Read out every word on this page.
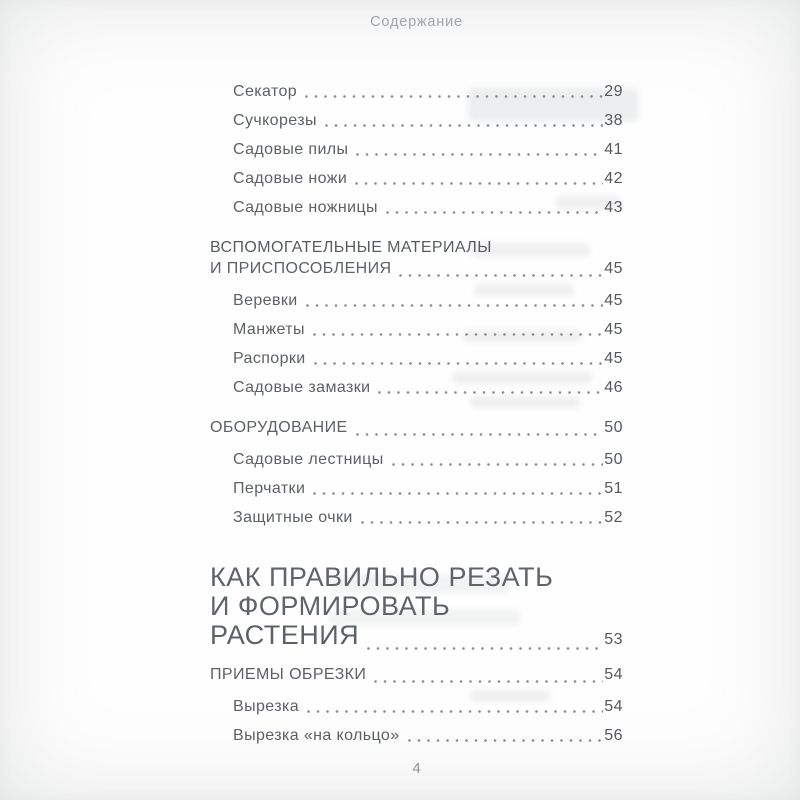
Содержание
Секатор	29
Сучкорезы	38
Садовые пилы	41
Садовые ножи	42
Садовые ножницы	43
ВСПОМОГАТЕЛЬНЫЕ МАТЕРИАЛЫ
И ПРИСПОСОБЛЕНИЯ	45
Веревки	45
Манжеты	45
Распорки	45
Садовые замазки	46
ОБОРУДОВАНИЕ	50
Садовые лестницы	50
Перчатки	51
Защитные очки	52
КАК ПРАВИЛЬНО РЕЗАТЬ
И ФОРМИРОВАТЬ
РАСТЕНИЯ	53
ПРИЕМЫ ОБРЕЗКИ	54
Вырезка	54
Вырезка «на кольцо»	56
4
